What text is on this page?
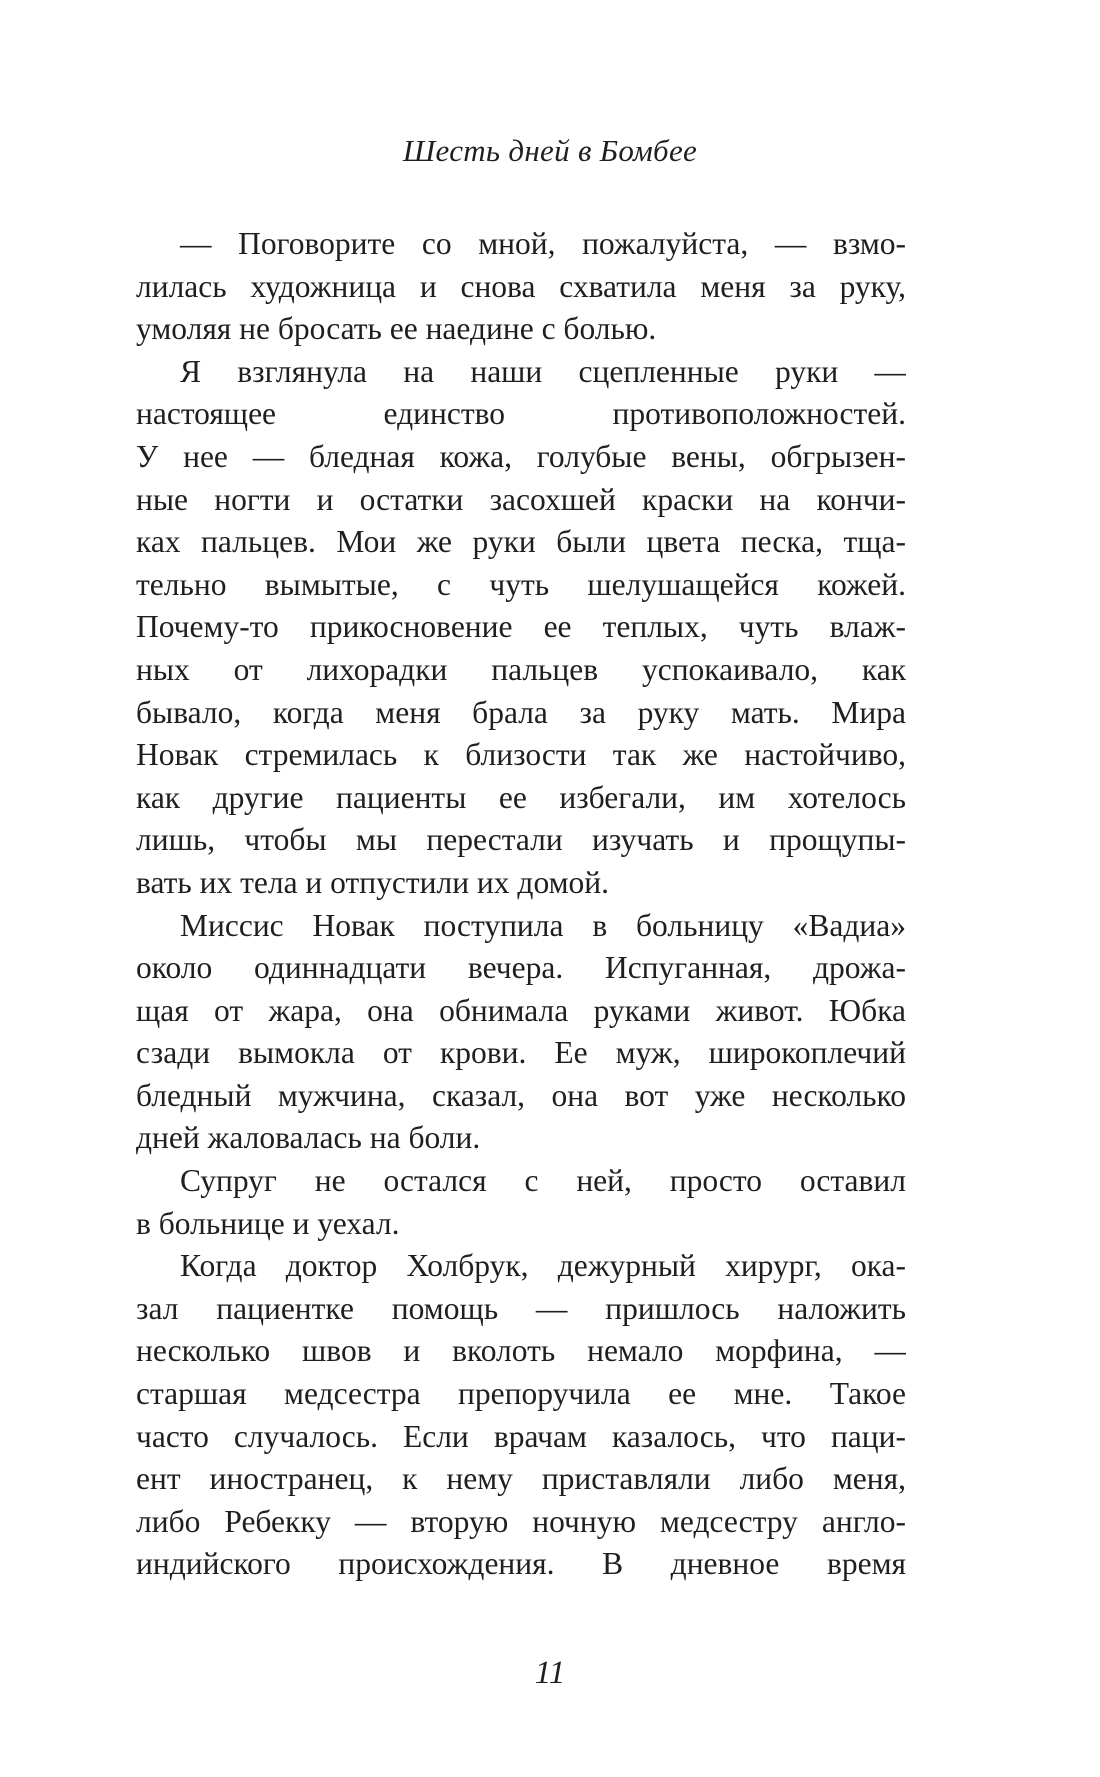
Шесть дней в Бомбее
— Поговорите со мной, пожалуйста, — взмо-
лилась художница и снова схватила меня за руку,
умоляя не бросать ее наедине с болью.
Я взглянула на наши сцепленные руки —
настоящее единство противоположностей.
У нее — бледная кожа, голубые вены, обгрызен-
ные ногти и остатки засохшей краски на кончи-
ках пальцев. Мои же руки были цвета песка, тща-
тельно вымытые, с чуть шелушащейся кожей.
Почему-то прикосновение ее теплых, чуть влаж-
ных от лихорадки пальцев успокаивало, как
бывало, когда меня брала за руку мать. Мира
Новак стремилась к близости так же настойчиво,
как другие пациенты ее избегали, им хотелось
лишь, чтобы мы перестали изучать и прощупы-
вать их тела и отпустили их домой.
Миссис Новак поступила в больницу «Вадиа»
около одиннадцати вечера. Испуганная, дрожа-
щая от жара, она обнимала руками живот. Юбка
сзади вымокла от крови. Ее муж, широкоплечий
бледный мужчина, сказал, она вот уже несколько
дней жаловалась на боли.
Супруг не остался с ней, просто оставил
в больнице и уехал.
Когда доктор Холбрук, дежурный хирург, ока-
зал пациентке помощь — пришлось наложить
несколько швов и вколоть немало морфина, —
старшая медсестра препоручила ее мне. Такое
часто случалось. Если врачам казалось, что паци-
ент иностранец, к нему приставляли либо меня,
либо Ребекку — вторую ночную медсестру англо-
индийского происхождения. В дневное время
11
